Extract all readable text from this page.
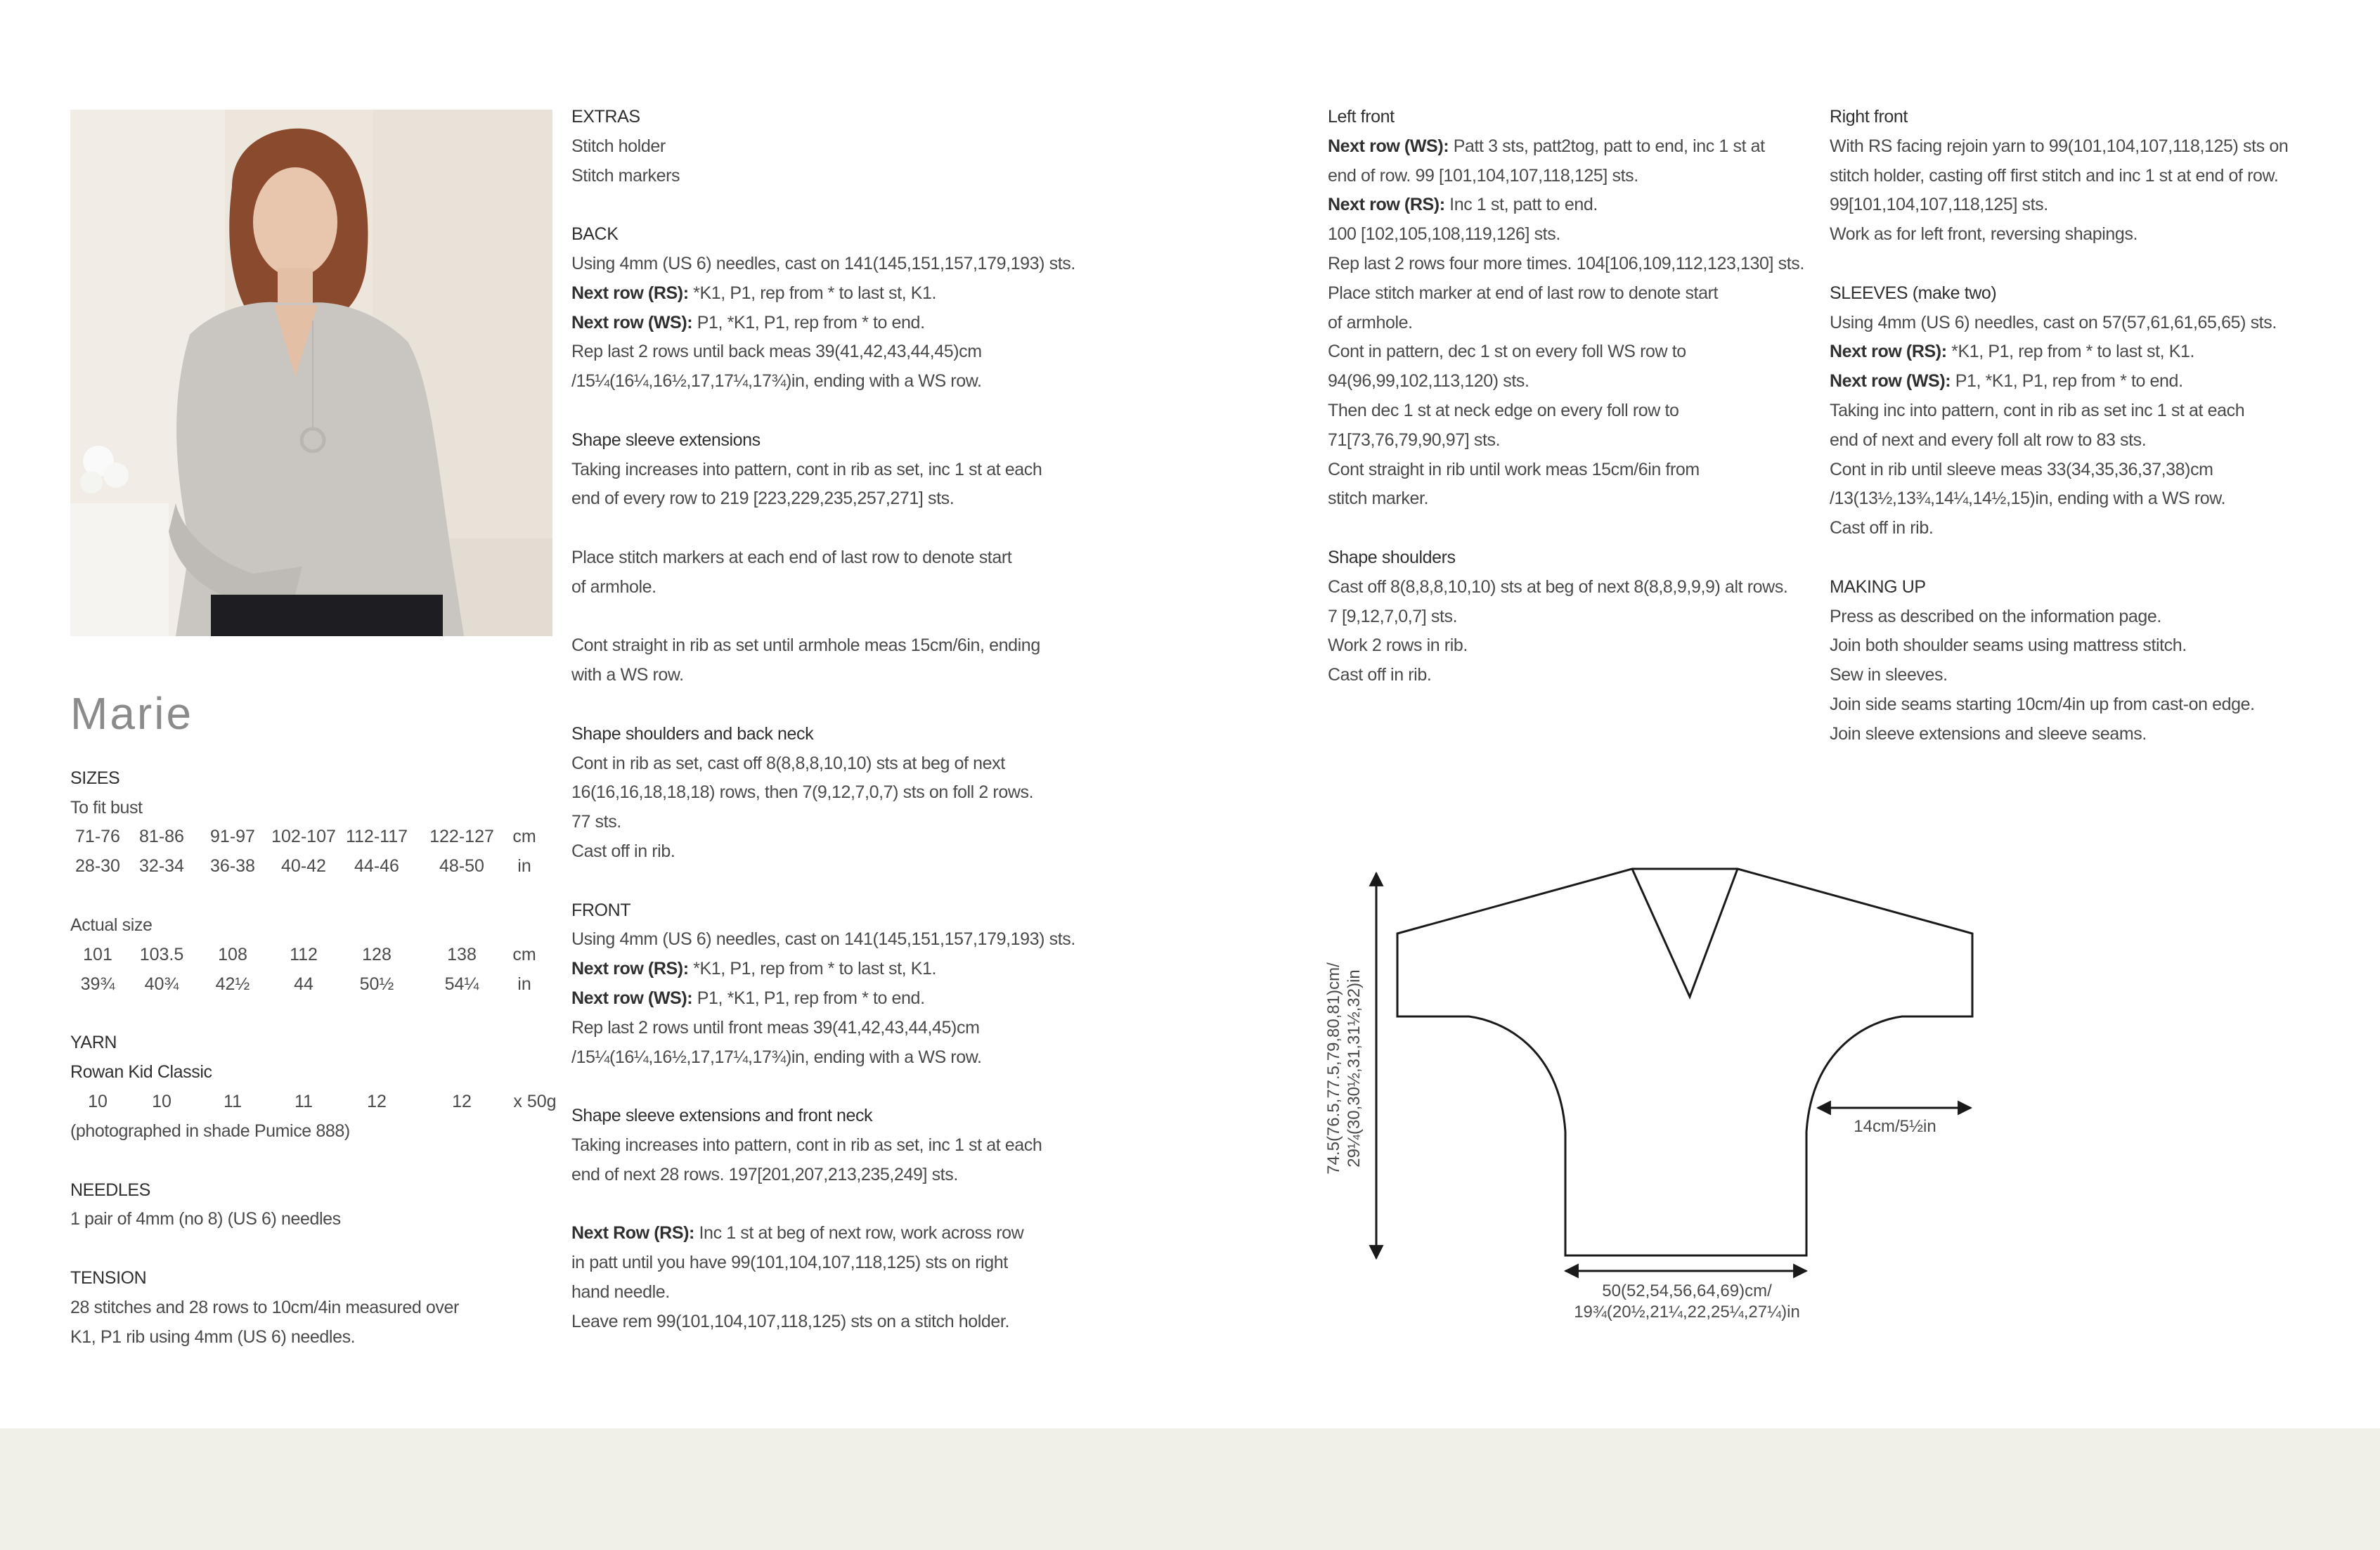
Marie

SIZES

To fit bust

71-76	81-86	91-97	102-107	112-117	122-127	cm
28-30	32-34	36-38	40-42	44-46	48-50	in

Actual size

101	103.5	108	112	128	138	cm
39¾	40¾	42½	44	50½	54¼	in

YARN

Rowan Kid Classic

10	10	11	11	12	12	x 50g

(photographed in shade Pumice 888)

NEEDLES

1 pair of 4mm (no 8) (US 6) needles

TENSION

28 stitches and 28 rows to 10cm/4in measured over

K1, P1 rib using 4mm (US 6) needles.

EXTRAS

Stitch holder

Stitch markers

BACK

Using 4mm (US 6) needles, cast on 141(145,151,157,179,193) sts.

Next row (RS): *K1, P1, rep from * to last st, K1.

Next row (WS): P1, *K1, P1, rep from * to end.

Rep last 2 rows until back meas 39(41,42,43,44,45)cm

/15¼(16¼,16½,17,17¼,17¾)in, ending with a WS row.

Shape sleeve extensions

Taking increases into pattern, cont in rib as set, inc 1 st at each

end of every row to 219 [223,229,235,257,271] sts.

Place stitch markers at each end of last row to denote start

of armhole.

Cont straight in rib as set until armhole meas 15cm/6in, ending

with a WS row.

Shape shoulders and back neck

Cont in rib as set, cast off 8(8,8,8,10,10) sts at beg of next

16(16,16,18,18,18) rows, then 7(9,12,7,0,7) sts on foll 2 rows.

77 sts.

Cast off in rib.

FRONT

Using 4mm (US 6) needles, cast on 141(145,151,157,179,193) sts.

Next row (RS): *K1, P1, rep from * to last st, K1.

Next row (WS): P1, *K1, P1, rep from * to end.

Rep last 2 rows until front meas 39(41,42,43,44,45)cm

/15¼(16¼,16½,17,17¼,17¾)in, ending with a WS row.

Shape sleeve extensions and front neck

Taking increases into pattern, cont in rib as set, inc 1 st at each

end of next 28 rows. 197[201,207,213,235,249] sts.

Next Row (RS): Inc 1 st at beg of next row, work across row

in patt until you have 99(101,104,107,118,125) sts on right

hand needle.

Leave rem 99(101,104,107,118,125) sts on a stitch holder.

Left front

Next row (WS): Patt 3 sts, patt2tog, patt to end, inc 1 st at

end of row. 99 [101,104,107,118,125] sts.

Next row (RS): Inc 1 st, patt to end.

100 [102,105,108,119,126] sts.

Rep last 2 rows four more times. 104[106,109,112,123,130] sts.

Place stitch marker at end of last row to denote start

of armhole.

Cont in pattern, dec 1 st on every foll WS row to

94(96,99,102,113,120) sts.

Then dec 1 st at neck edge on every foll row to

71[73,76,79,90,97] sts.

Cont straight in rib until work meas 15cm/6in from

stitch marker.

Shape shoulders

Cast off 8(8,8,8,10,10) sts at beg of next 8(8,8,9,9,9) alt rows.

7 [9,12,7,0,7] sts.

Work 2 rows in rib.

Cast off in rib.

Right front

With RS facing rejoin yarn to 99(101,104,107,118,125) sts on

stitch holder, casting off first stitch and inc 1 st at end of row.

99[101,104,107,118,125] sts.

Work as for left front, reversing shapings.

SLEEVES (make two)

Using 4mm (US 6) needles, cast on 57(57,61,61,65,65) sts.

Next row (RS): *K1, P1, rep from * to last st, K1.

Next row (WS): P1, *K1, P1, rep from * to end.

Taking inc into pattern, cont in rib as set inc 1 st at each

end of next and every foll alt row to 83 sts.

Cont in rib until sleeve meas 33(34,35,36,37,38)cm

/13(13½,13¾,14¼,14½,15)in, ending with a WS row.

Cast off in rib.

MAKING UP

Press as described on the information page.

Join both shoulder seams using mattress stitch.

Sew in sleeves.

Join side seams starting 10cm/4in up from cast-on edge.

Join sleeve extensions and sleeve seams.

74.5(76.5,77.5,79,80,81)cm/ 29¼(30,30½,31,31½,32)in	14cm/5½in
50(52,54,56,64,69)cm/
19¾(20½,21¼,22,25¼,27¼)in
